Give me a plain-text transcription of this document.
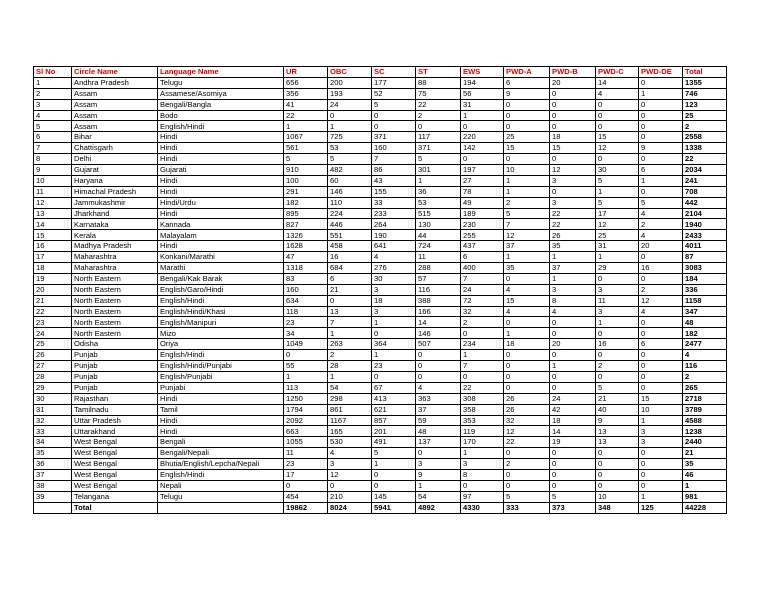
Sl No	Circle Name	Language Name	UR	OBC	SC	ST	EWS	PWD-A	PWD-B	PWD-C	PWD-DE	Total
1	Andhra Pradesh	Telugu	656	200	177	88	194	6	20	14	0	1355
2	Assam	Assamese/Asomiya	356	193	52	75	56	9	0	4	1	746
3	Assam	Bengali/Bangla	41	24	5	22	31	0	0	0	0	123
4	Assam	Bodo	22	0	0	2	1	0	0	0	0	25
5	Assam	English/Hindi	1	1	0	0	0	0	0	0	0	2
6	Bihar	Hindi	1067	725	371	117	220	25	18	15	0	2558
7	Chattisgarh	Hindi	561	53	160	371	142	15	15	12	9	1338
8	Delhi	Hindi	5	5	7	5	0	0	0	0	0	22
9	Gujarat	Gujarati	910	482	86	301	197	10	12	30	6	2034
10	Haryana	Hindi	100	60	43	1	27	1	3	5	1	241
11	Himachal Pradesh	Hindi	291	146	155	36	78	1	0	1	0	708
12	Jammukashmir	Hindi/Urdu	182	110	33	53	49	2	3	5	5	442
13	Jharkhand	Hindi	895	224	233	515	189	5	22	17	4	2104
14	Karnataka	Kannada	827	446	264	130	230	7	22	12	2	1940
15	Kerala	Malayalam	1326	551	190	44	255	12	26	25	4	2433
16	Madhya Pradesh	Hindi	1628	458	641	724	437	37	35	31	20	4011
17	Maharashtra	Konkani/Marathi	47	16	4	11	6	1	1	1	0	87
18	Maharashtra	Marathi	1318	684	276	288	400	35	37	29	16	3083
19	North Eastern	Bengali/Kak Barak	83	6	30	57	7	0	1	0	0	184
20	North Eastern	English/Garo/Hindi	160	21	3	116	24	4	3	3	2	336
21	North Eastern	English/Hindi	634	0	18	388	72	15	8	11	12	1158
22	North Eastern	English/Hindi/Khasi	118	13	3	166	32	4	4	3	4	347
23	North Eastern	English/Manipuri	23	7	1	14	2	0	0	1	0	48
24	North Eastern	Mizo	34	1	0	146	0	1	0	0	0	182
25	Odisha	Oriya	1049	263	364	507	234	18	20	16	6	2477
26	Punjab	English/Hindi	0	2	1	0	1	0	0	0	0	4
27	Punjab	English/Hindi/Punjabi	55	28	23	0	7	0	1	2	0	116
28	Punjab	English/Punjabi	1	1	0	0	0	0	0	0	0	2
29	Punjab	Punjabi	113	54	67	4	22	0	0	5	0	265
30	Rajasthan	Hindi	1250	298	413	363	308	26	24	21	15	2718
31	Tamilnadu	Tamil	1794	861	621	37	358	26	42	40	10	3789
32	Uttar Pradesh	Hindi	2092	1167	857	59	353	32	18	9	1	4588
33	Uttarakhand	Hindi	663	165	201	48	119	12	14	13	3	1238
34	West Bengal	Bengali	1055	530	491	137	170	22	19	13	3	2440
35	West Bengal	Bengali/Nepali	11	4	5	0	1	0	0	0	0	21
36	West Bengal	Bhutia/English/Lepcha/Nepali	23	3	1	3	3	2	0	0	0	35
37	West Bengal	English/Hindi	17	12	0	9	8	0	0	0	0	46
38	West Bengal	Nepali	0	0	0	1	0	0	0	0	0	1
39	Telangana	Telugu	454	210	145	54	97	5	5	10	1	981
	Total		19862	8024	5941	4892	4330	333	373	348	125	44228
